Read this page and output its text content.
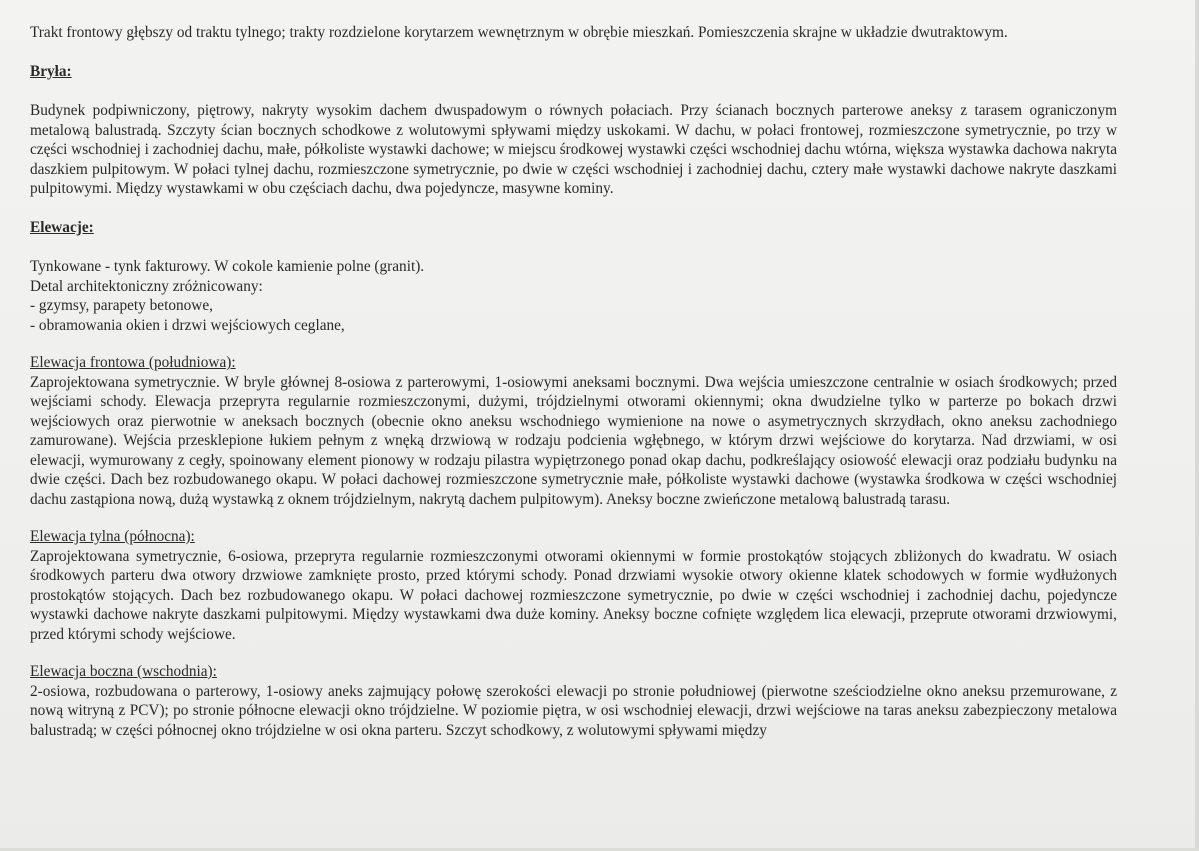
Trakt frontowy głębszy od traktu tylnego; trakty rozdzielone korytarzem wewnętrznym w obrębie mieszkań. Pomieszczenia skrajne w układzie dwutraktowym.

Bryła:

Budynek podpiwniczony, piętrowy, nakryty wysokim dachem dwuspadowym o równych połaciach. Przy ścianach bocznych parterowe aneksy z tarasem ograniczonym metalową balustradą. Szczyty ścian bocznych schodkowe z wolutowymi spływami między uskokami. W dachu, w połaci frontowej, rozmieszczone symetrycznie, po trzy w części wschodniej i zachodniej dachu, małe, półkoliste wystawki dachowe; w miejscu środkowej wystawki części wschodniej dachu wtórna, większa wystawka dachowa nakryta daszkiem pulpitowym. W połaci tylnej dachu, rozmieszczone symetrycznie, po dwie w części wschodniej i zachodniej dachu, cztery małe wystawki dachowe nakryte daszkami pulpitowymi. Między wystawkami w obu częściach dachu, dwa pojedyncze, masywne kominy.

Elewacje:

Tynkowane - tynk fakturowy. W cokole kamienie polne (granit).

Detal architektoniczny zróżnicowany:

- gzymsy, parapety betonowe,

- obramowania okien i drzwi wejściowych ceglane,

Elewacja frontowa (południowa):

Zaprojektowana symetrycznie. W bryle głównej 8-osiowa z parterowymi, 1-osiowymi aneksami bocznymi. Dwa wejścia umieszczone centralnie w osiach środkowych; przed wejściami schody. Elewacja przeprута regularnie rozmieszczonymi, dużymi, trójdzielnymi otworami okiennymi; okna dwudzielne tylko w parterze po bokach drzwi wejściowych oraz pierwotnie w aneksach bocznych (obecnie okno aneksu wschodniego wymienione na nowe o asymetrycznych skrzydłach, okno aneksu zachodniego zamurowane). Wejścia przesklepione łukiem pełnym z wnęką drzwiową w rodzaju podcienia wgłębnego, w którym drzwi wejściowe do korytarza. Nad drzwiami, w osi elewacji, wymurowany z cegły, spoinowany element pionowy w rodzaju pilastra wypiętrzonego ponad okap dachu, podkreślający osiowość elewacji oraz podziału budynku na dwie części. Dach bez rozbudowanego okapu. W połaci dachowej rozmieszczone symetrycznie małe, półkoliste wystawki dachowe (wystawka środkowa w części wschodniej dachu zastąpiona nową, dużą wystawką z oknem trójdzielnym, nakrytą dachem pulpitowym). Aneksy boczne zwieńczone metalową balustradą tarasu.

Elewacja tylna (północna):

Zaprojektowana symetrycznie, 6-osiowa, przeprута regularnie rozmieszczonymi otworami okiennymi w formie prostokątów stojących zbliżonych do kwadratu. W osiach środkowych parteru dwa otwory drzwiowe zamknięte prosto, przed którymi schody. Ponad drzwiami wysokie otwory okienne klatek schodowych w formie wydłużonych prostokątów stojących. Dach bez rozbudowanego okapu. W połaci dachowej rozmieszczone symetrycznie, po dwie w części wschodniej i zachodniej dachu, pojedyncze wystawki dachowe nakryte daszkami pulpitowymi. Między wystawkami dwa duże kominy. Aneksy boczne cofnięte względem lica elewacji, przeprute otworami drzwiowymi, przed którymi schody wejściowe.

Elewacja boczna (wschodnia):

2-osiowa, rozbudowana o parterowy, 1-osiowy aneks zajmujący połowę szerokości elewacji po stronie południowej (pierwotne sześciodzielne okno aneksu przemurowane, z nową witryną z PCV); po stronie północne elewacji okno trójdzielne. W poziomie piętra, w osi wschodniej elewacji, drzwi wejściowe na taras aneksu zabezpieczony metalowa balustradą; w części północnej okno trójdzielne w osi okna parteru. Szczyt schodkowy, z wolutowymi spływami między
